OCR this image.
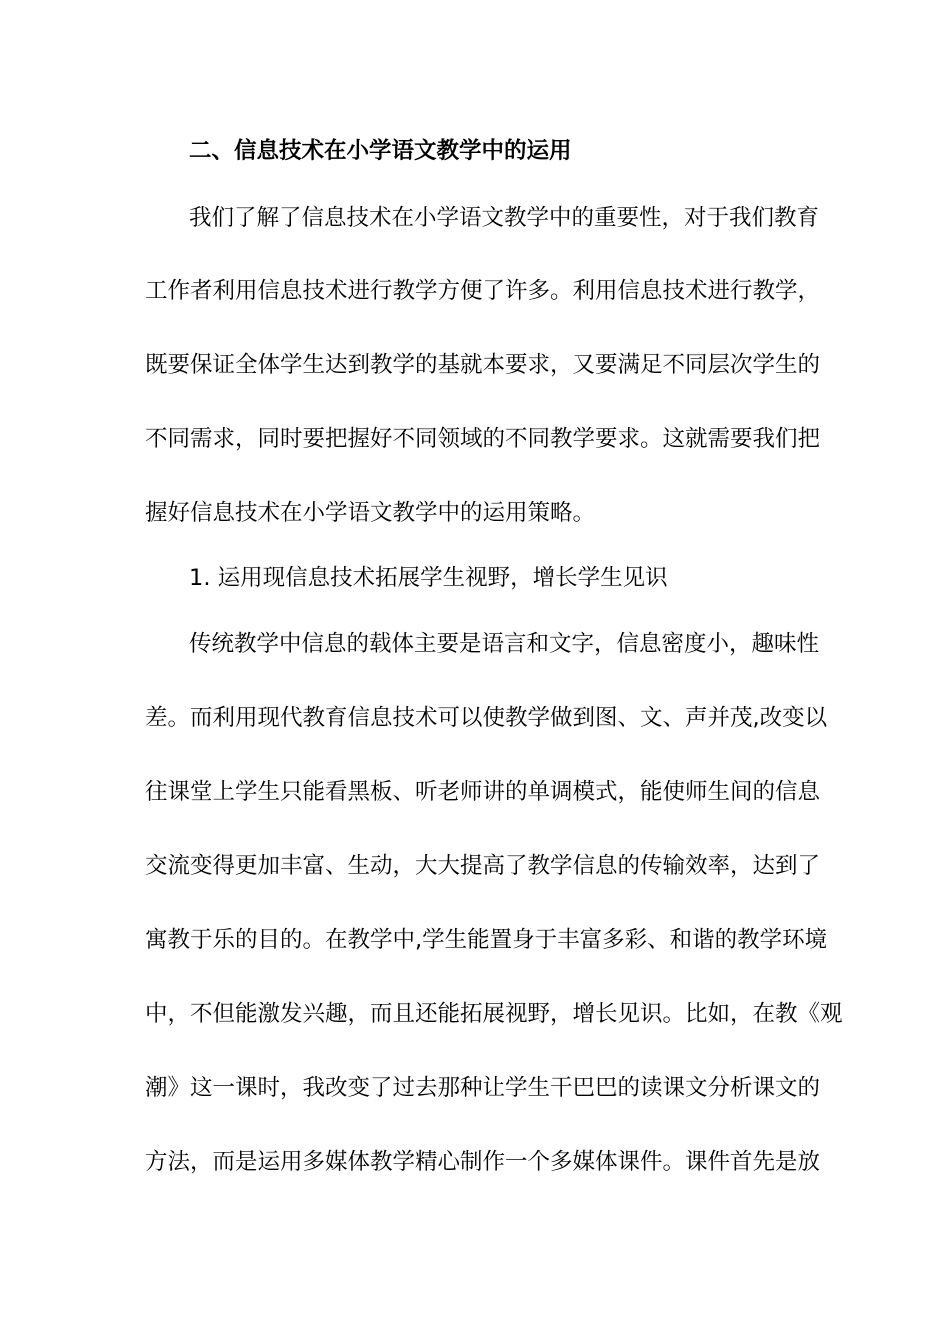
二、信息技术在小学语文教学中的运用
我们了解了信息技术在小学语文教学中的重要性，对于我们教育
工作者利用信息技术进行教学方便了许多。利用信息技术进行教学，
既要保证全体学生达到教学的基就本要求，又要满足不同层次学生的
不同需求，同时要把握好不同领域的不同教学要求。这就需要我们把
握好信息技术在小学语文教学中的运用策略。
1. 运用现信息技术拓展学生视野，增长学生见识
传统教学中信息的载体主要是语言和文字，信息密度小，趣味性
差。而利用现代教育信息技术可以使教学做到图、文、声并茂,改变以
往课堂上学生只能看黑板、听老师讲的单调模式，能使师生间的信息
交流变得更加丰富、生动，大大提高了教学信息的传输效率，达到了
寓教于乐的目的。在教学中,学生能置身于丰富多彩、和谐的教学环境
中，不但能激发兴趣，而且还能拓展视野，增长见识。比如，在教《观
潮》这一课时，我改变了过去那种让学生干巴巴的读课文分析课文的
方法，而是运用多媒体教学精心制作一个多媒体课件。课件首先是放
